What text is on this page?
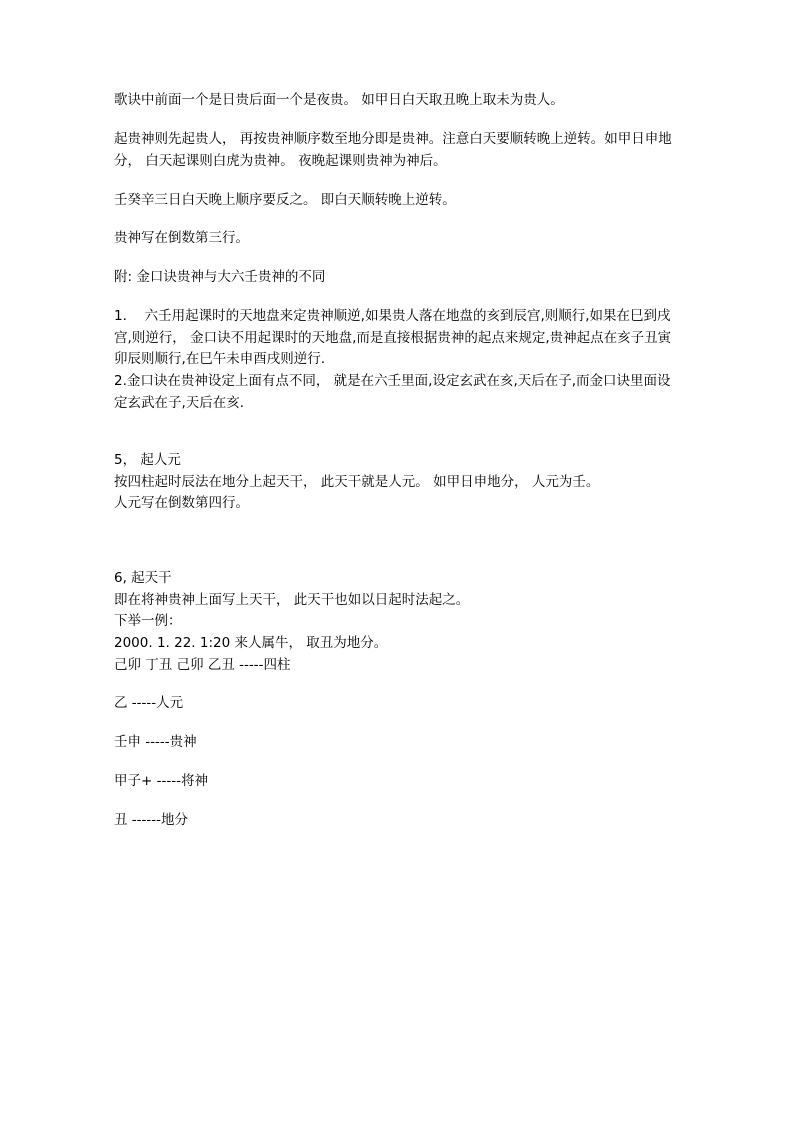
歌诀中前面一个是日贵后面一个是夜贵。 如甲日白天取丑晚上取未为贵人。

起贵神则先起贵人， 再按贵神顺序数至地分即是贵神。注意白天要顺转晚上逆转。如甲日申地分， 白天起课则白虎为贵神。 夜晚起课则贵神为神后。

壬癸辛三日白天晚上顺序要反之。 即白天顺转晚上逆转。

贵神写在倒数第三行。

附: 金口诀贵神与大六壬贵神的不同

1.　 六壬用起课时的天地盘来定贵神顺逆,如果贵人落在地盘的亥到辰宫,则顺行,如果在巳到戌宫,则逆行， 金口诀不用起课时的天地盘,而是直接根据贵神的起点来规定,贵神起点在亥子丑寅卯辰则顺行,在巳午未申酉戌则逆行.

2.金口诀在贵神设定上面有点不同， 就是在六壬里面,设定玄武在亥,天后在子,而金口诀里面设定玄武在子,天后在亥.

5， 起人元

按四柱起时辰法在地分上起天干， 此天干就是人元。 如甲日申地分， 人元为壬。

人元写在倒数第四行。

6, 起天干

即在将神贵神上面写上天干， 此天干也如以日起时法起之。

下举一例：

2000. 1. 22. 1:20 来人属牛， 取丑为地分。

己卯 丁丑 己卯 乙丑 -----四柱

乙 -----人元

壬申 -----贵神

甲子+ -----将神

丑 ------地分
